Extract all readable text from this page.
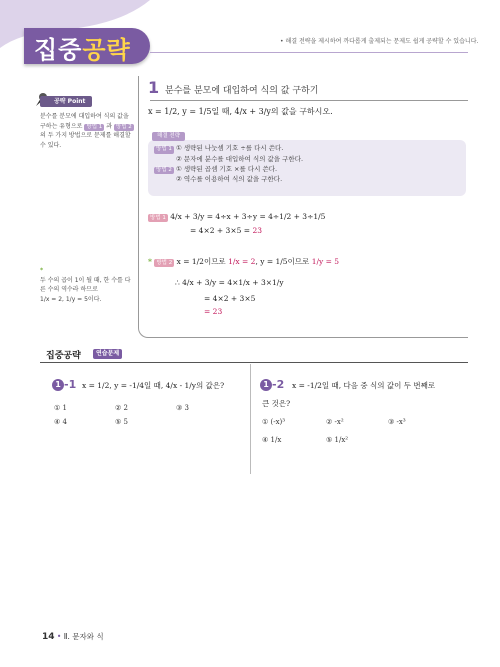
집중공략	• 해결 전략을 제시하여 까다롭게 출제되는 문제도 쉽게 공략할 수 있습니다.
공략 Point
분수를 분모에 대입하여 식의 값을 구하는 유형으로 방법 1 과 방법 2 의 두 가지 방법으로 문제를 해결할 수 있다.
*
두 수의 곱이 1이 될 때, 한 수를 다른 수의 역수라 하므로
1/x = 2, 1/y = 5이다.
1 분수를 분모에 대입하여 식의 값 구하기
x = 1/2, y = 1/5일 때, 4/x + 3/y의 값을 구하시오.
방법 1 ① 생략된 나눗셈 기호 ÷를 다시 쓴다.
② 문자에 분수를 대입하여 식의 값을 구한다.
방법 2 ① 생략된 곱셈 기호 ×를 다시 쓴다.
② 역수를 이용하여 식의 값을 구한다.
해결 전략
방법 1 4/x + 3/y = 4÷x + 3÷y = 4÷1/2 + 3÷1/5
= 4×2 + 3×5 = 23
* 방법 2 x = 1/2이므로 1/x = 2, y = 1/5이므로 1/y = 5
∴ 4/x + 3/y = 4×1/x + 3×1/y
= 4×2 + 3×5
= 23
집중공략	연습문제
1 -1 x = 1/2, y = -1/4일 때, 4/x - 1/y의 값은?
① 1	② 2	③ 3
④ 4	⑤ 5
1 -2 x = -1/2일 때, 다음 중 식의 값이 두 번째로
큰 것은?
① (-x)³	② -x²	③ -x³
④ 1/x	⑤ 1/x²
14 • Ⅱ. 문자와 식
